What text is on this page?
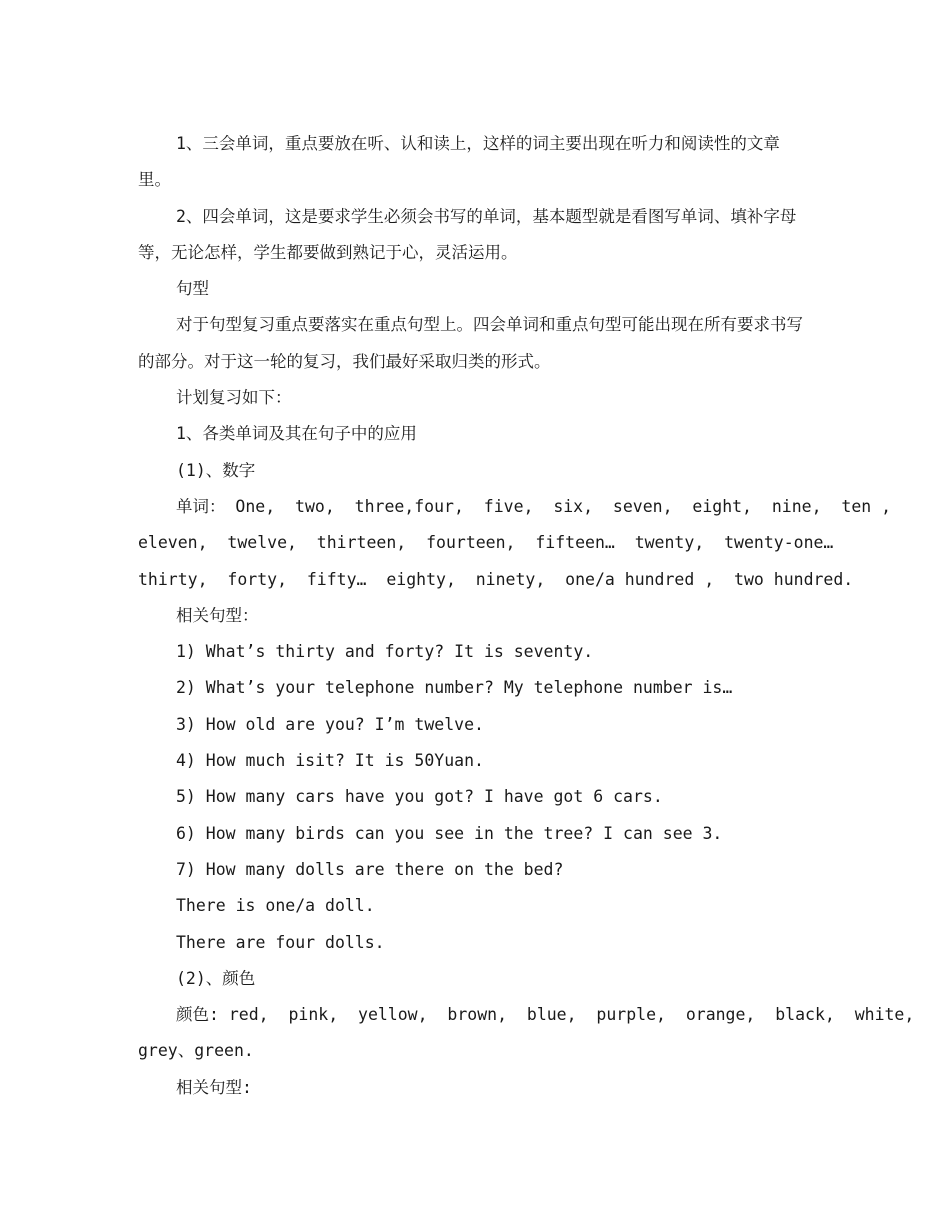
1、三会单词，重点要放在听、认和读上，这样的词主要出现在听力和阅读性的文章里。

2、四会单词，这是要求学生必须会书写的单词，基本题型就是看图写单词、填补字母等，无论怎样，学生都要做到熟记于心，灵活运用。

句型

对于句型复习重点要落实在重点句型上。四会单词和重点句型可能出现在所有要求书写的部分。对于这一轮的复习，我们最好采取归类的形式。

计划复习如下：

1、各类单词及其在句子中的应用

(1)、数字

单词： One,  two,  three,four,  five,  six,  seven,  eight,  nine,  ten ,
eleven,  twelve,  thirteen,  fourteen,  fifteen…  twenty,  twenty-one…
thirty,  forty,  fifty…  eighty,  ninety,  one/a hundred ,  two hundred.
相关句型：
1) What’s thirty and forty? It is seventy.
2) What’s your telephone number? My telephone number is…
3) How old are you? I’m twelve.
4) How much isit? It is 50Yuan.
5) How many cars have you got? I have got 6 cars.
6) How many birds can you see in the tree? I can see 3.
7) How many dolls are there on the bed?
There is one/a doll.
There are four dolls.
(2)、颜色
颜色: red,  pink,  yellow,  brown,  blue,  purple,  orange,  black,  white,
grey、green.
相关句型:
